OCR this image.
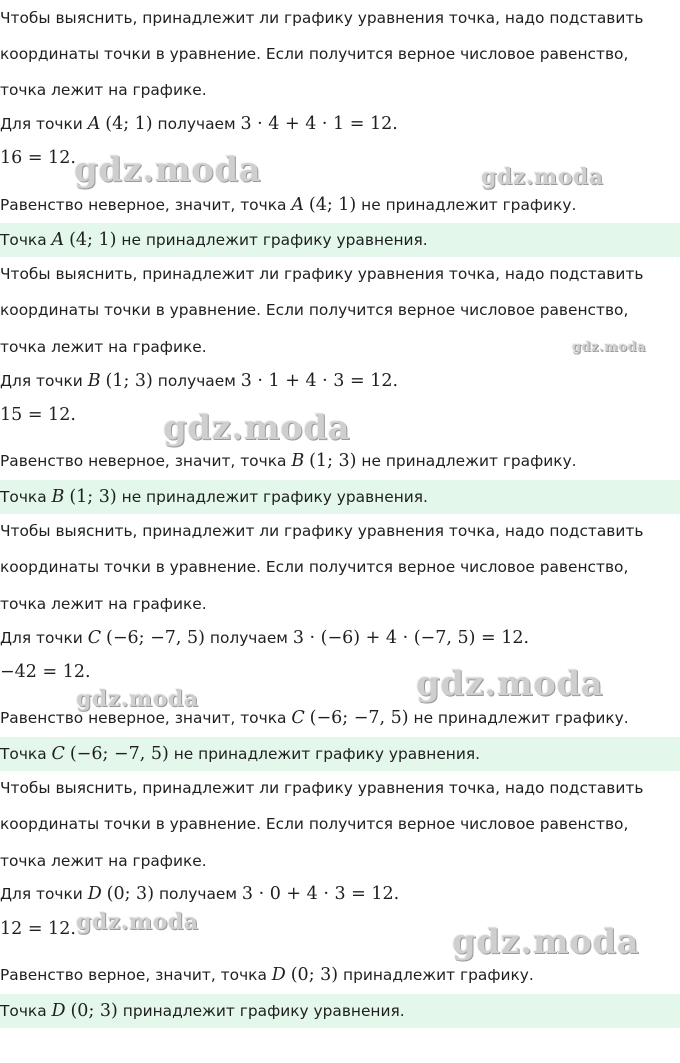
Чтобы выяснить, принадлежит ли графику уравнения точка, надо подставить
координаты точки в уравнение. Если получится верное числовое равенство,
точка лежит на графике.
Для точки A (4; 1) получаем 3 · 4 + 4 · 1 = 12.
16 = 12.
Равенство неверное, значит, точка A (4; 1) не принадлежит графику.
Точка A (4; 1) не принадлежит графику уравнения.
Чтобы выяснить, принадлежит ли графику уравнения точка, надо подставить
координаты точки в уравнение. Если получится верное числовое равенство,
точка лежит на графике.
Для точки B (1; 3) получаем 3 · 1 + 4 · 3 = 12.
15 = 12.
Равенство неверное, значит, точка B (1; 3) не принадлежит графику.
Точка B (1; 3) не принадлежит графику уравнения.
Чтобы выяснить, принадлежит ли графику уравнения точка, надо подставить
координаты точки в уравнение. Если получится верное числовое равенство,
точка лежит на графике.
Для точки C (−6; −7, 5) получаем 3 · (−6) + 4 · (−7, 5) = 12.
−42 = 12.
Равенство неверное, значит, точка C (−6; −7, 5) не принадлежит графику.
Точка C (−6; −7, 5) не принадлежит графику уравнения.
Чтобы выяснить, принадлежит ли графику уравнения точка, надо подставить
координаты точки в уравнение. Если получится верное числовое равенство,
точка лежит на графике.
Для точки D (0; 3) получаем 3 · 0 + 4 · 3 = 12.
12 = 12.
Равенство верное, значит, точка D (0; 3) принадлежит графику.
Точка D (0; 3) принадлежит графику уравнения.
gdz.moda	gdz.moda
gdz.moda
gdz.moda
gdz.moda	gdz.moda
gdz.moda	gdz.moda
